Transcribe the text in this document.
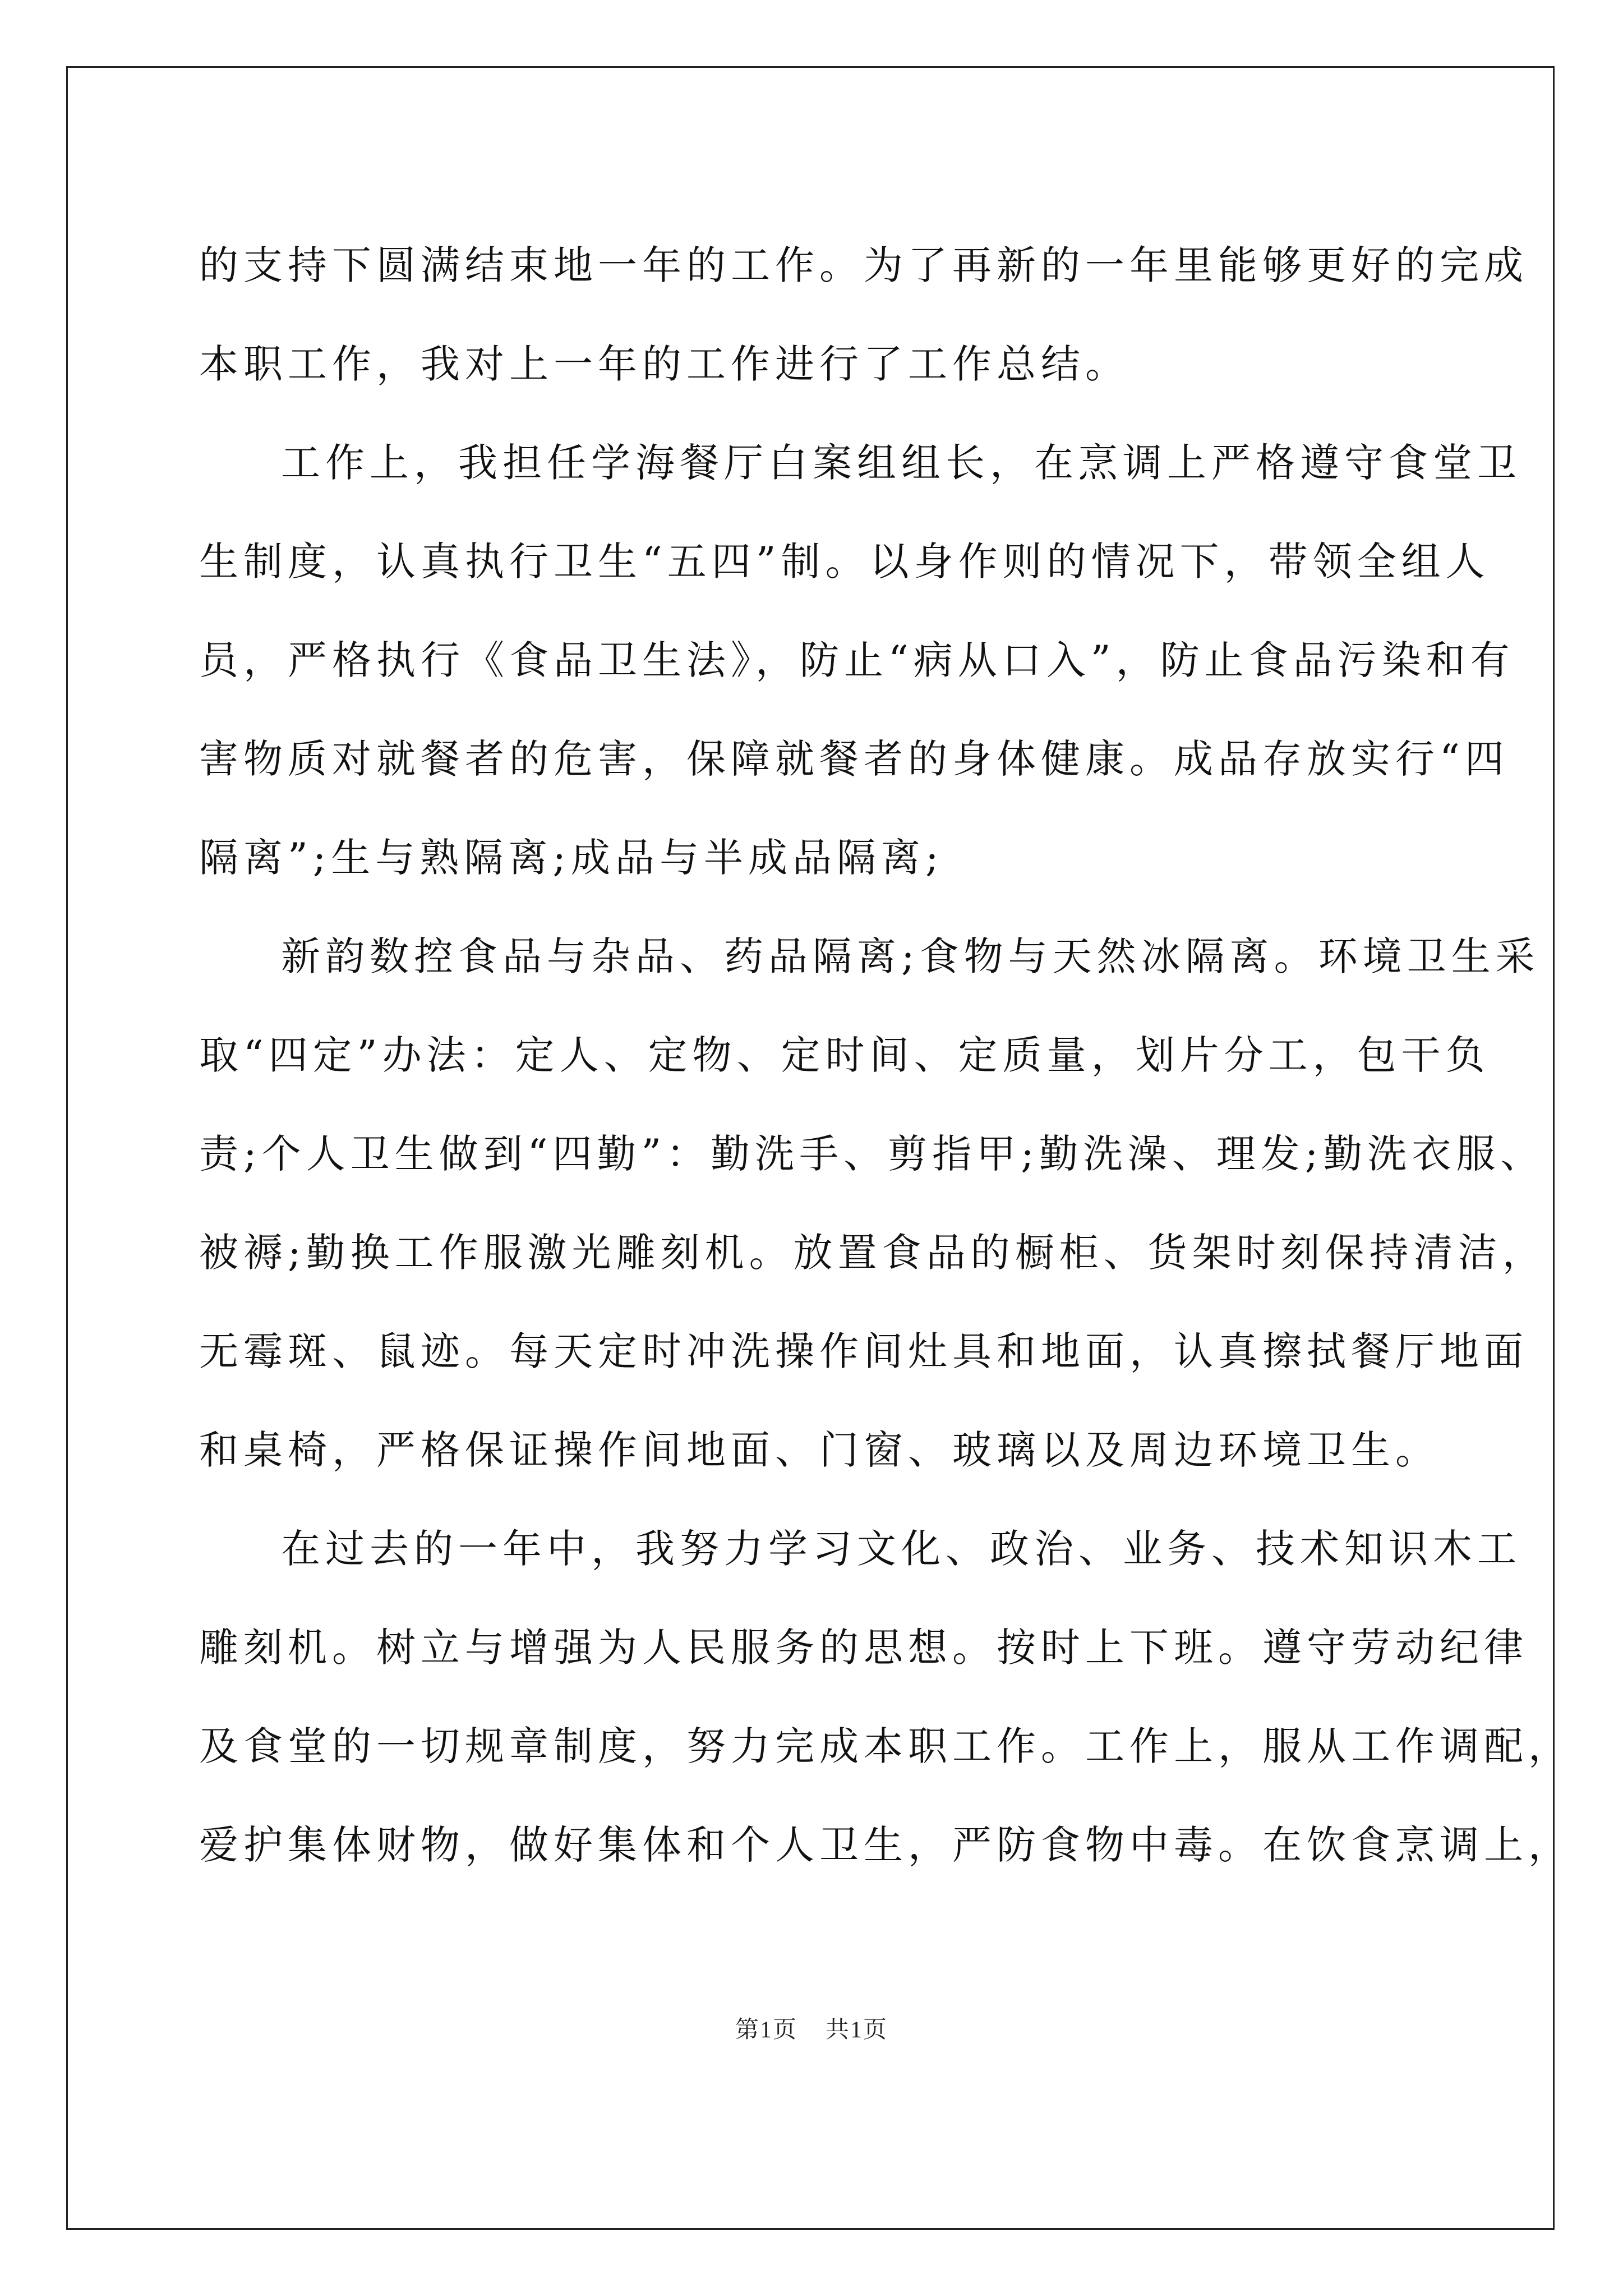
的支持下圆满结束地一年的工作。为了再新的一年里能够更好的完成
本职工作，我对上一年的工作进行了工作总结。
工作上，我担任学海餐厅白案组组长，在烹调上严格遵守食堂卫
生制度，认真执行卫生“五四”制。以身作则的情况下，带领全组人
员，严格执行《食品卫生法》，防止“病从口入”，防止食品污染和有
害物质对就餐者的危害，保障就餐者的身体健康。成品存放实行“四
隔离”;生与熟隔离;成品与半成品隔离;
新韵数控食品与杂品、药品隔离;食物与天然冰隔离。环境卫生采
取“四定”办法：定人、定物、定时间、定质量，划片分工，包干负
责;个人卫生做到“四勤”：勤洗手、剪指甲;勤洗澡、理发;勤洗衣服、
被褥;勤换工作服激光雕刻机。放置食品的橱柜、货架时刻保持清洁，
无霉斑、鼠迹。每天定时冲洗操作间灶具和地面，认真擦拭餐厅地面
和桌椅，严格保证操作间地面、门窗、玻璃以及周边环境卫生。
在过去的一年中，我努力学习文化、政治、业务、技术知识木工
雕刻机。树立与增强为人民服务的思想。按时上下班。遵守劳动纪律
及食堂的一切规章制度，努力完成本职工作。工作上，服从工作调配，
爱护集体财物，做好集体和个人卫生，严防食物中毒。在饮食烹调上，
第1页 共1页
